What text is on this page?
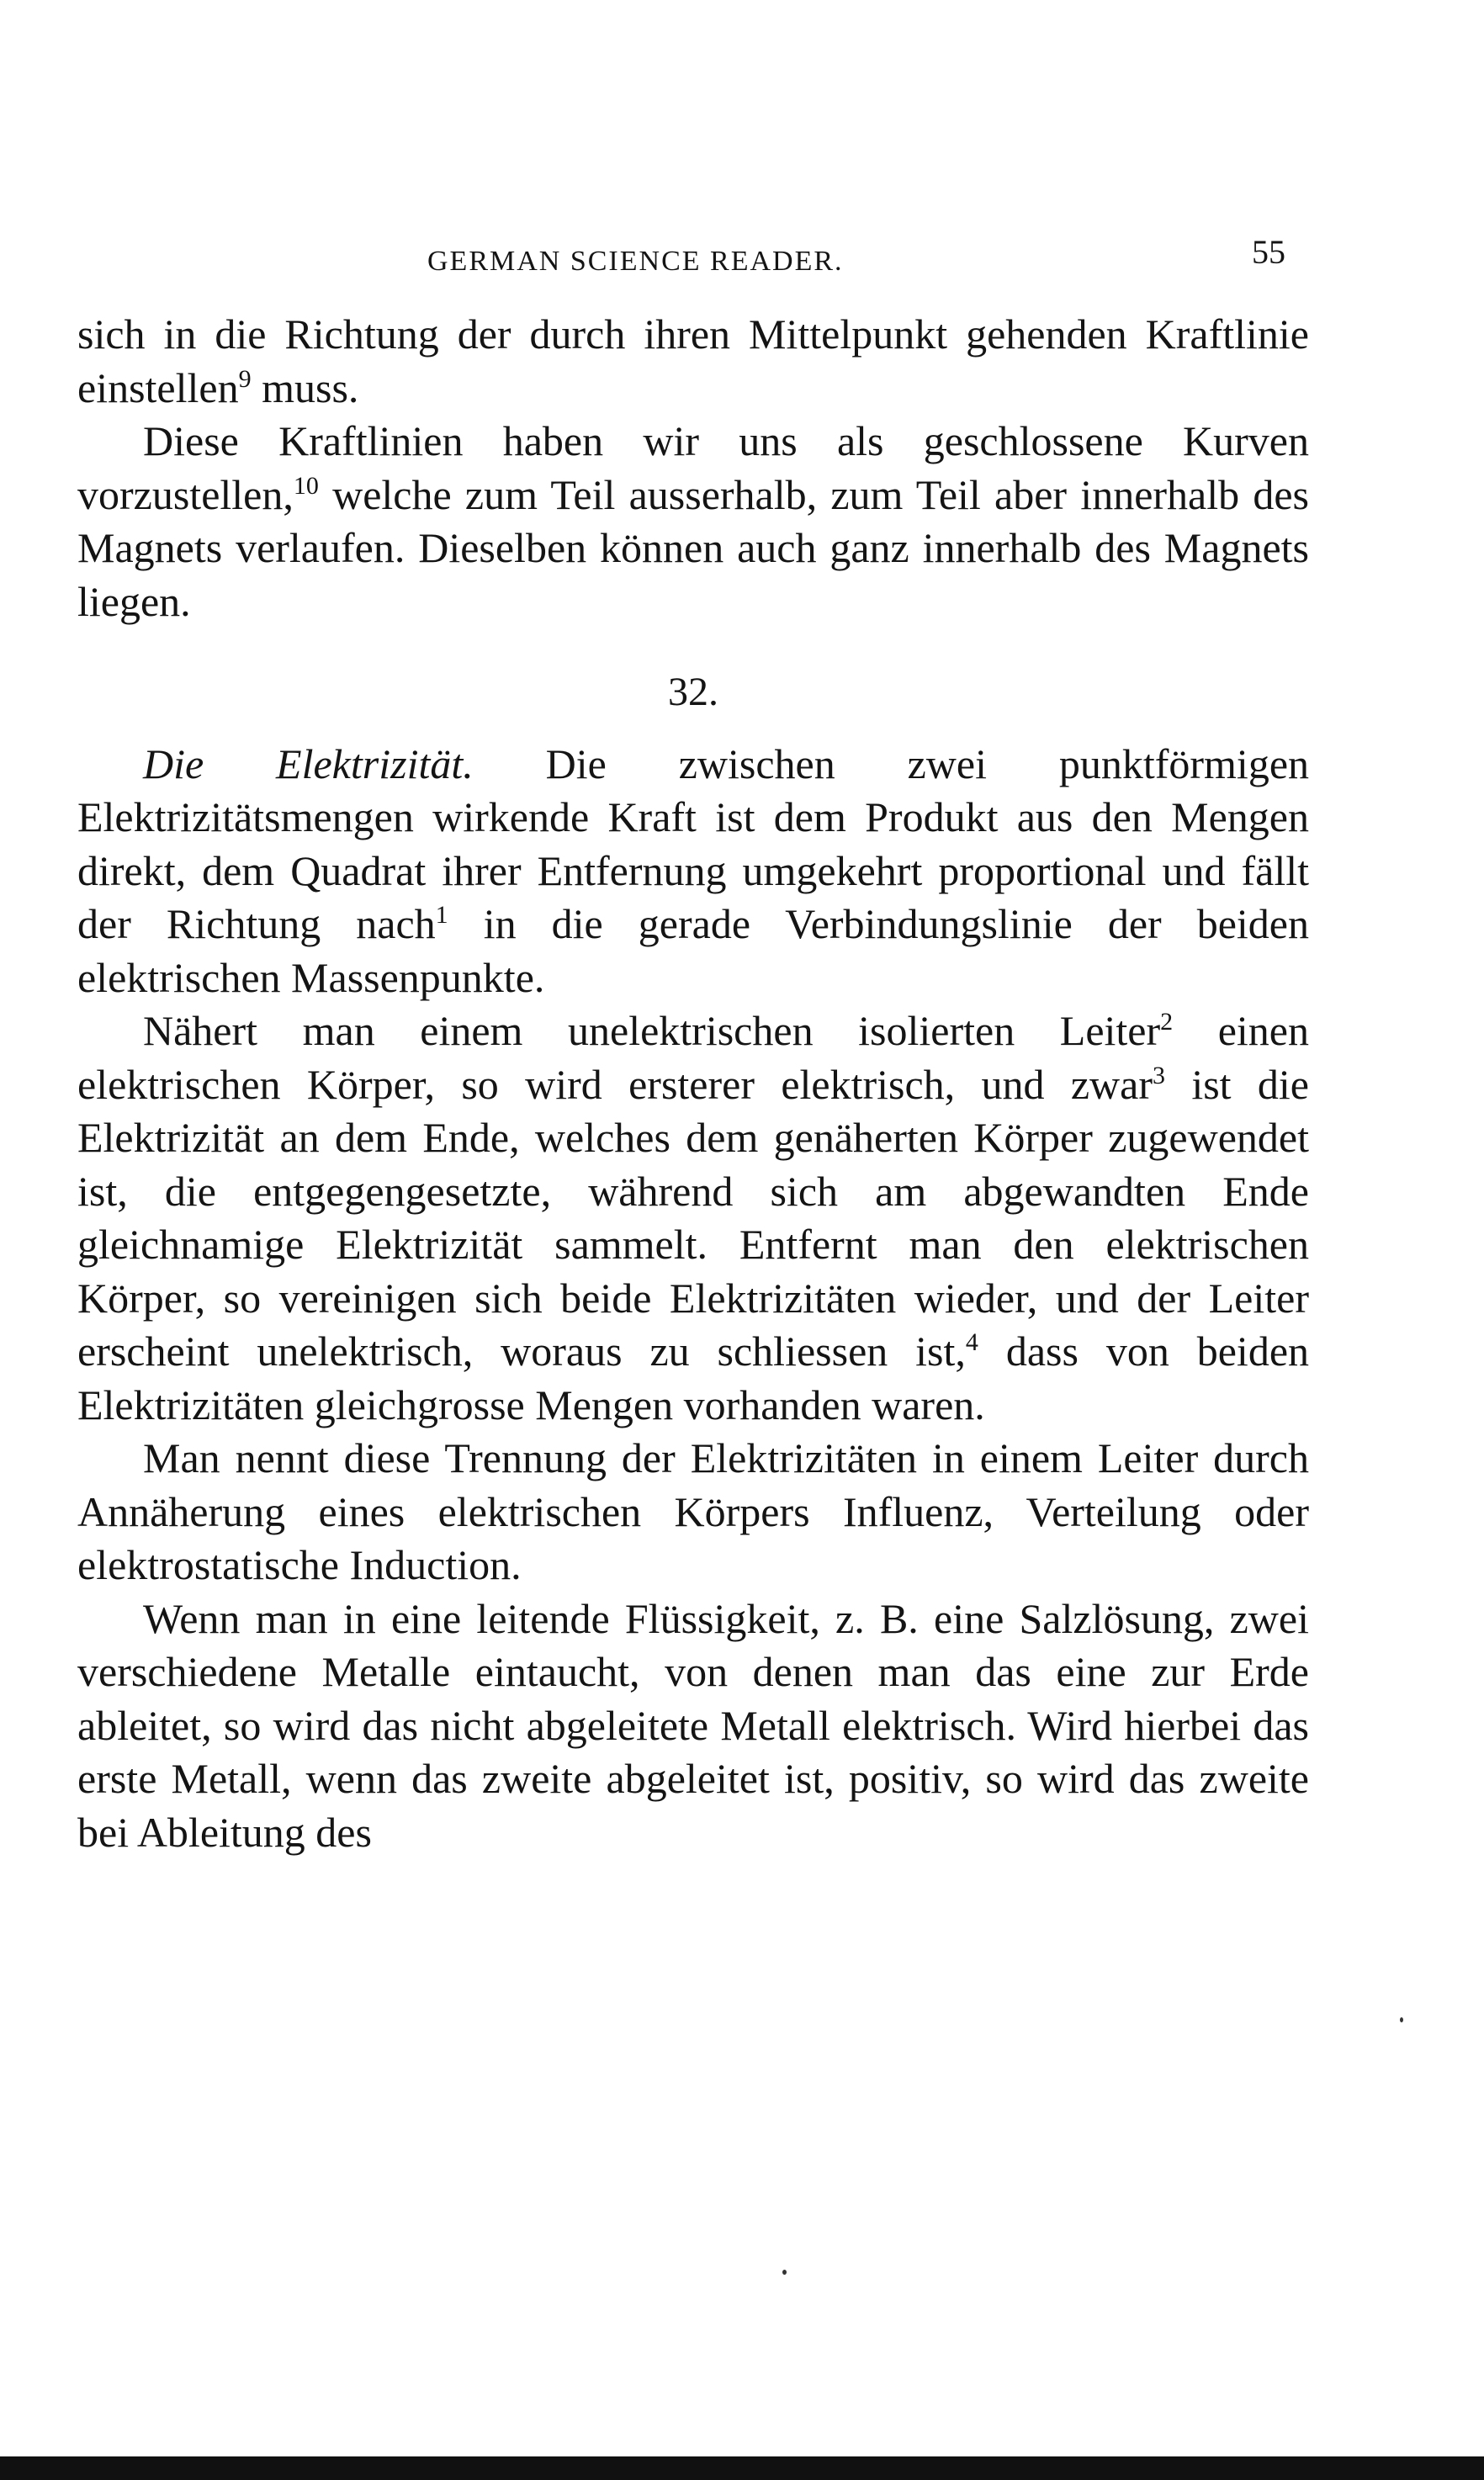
GERMAN SCIENCE READER.	55

sich in die Richtung der durch ihren Mittelpunkt gehenden Kraftlinie einstellen$^9$ muss.

Diese Kraftlinien haben wir uns als geschlossene Kurven vorzustellen,$^{10}$ welche zum Teil ausserhalb, zum Teil aber innerhalb des Magnets verlaufen. Dieselben können auch ganz innerhalb des Magnets liegen.

32.

Die Elektrizität. Die zwischen zwei punktförmigen Elektrizitätsmengen wirkende Kraft ist dem Produkt aus den Mengen direkt, dem Quadrat ihrer Entfernung umgekehrt proportional und fällt der Richtung nach$^1$ in die gerade Verbindungslinie der beiden elektrischen Massenpunkte.

Nähert man einem unelektrischen isolierten Leiter$^2$ einen elektrischen Körper, so wird ersterer elektrisch, und zwar$^3$ ist die Elektrizität an dem Ende, welches dem genäherten Körper zugewendet ist, die entgegengesetzte, während sich am abgewandten Ende gleichnamige Elektrizität sammelt. Entfernt man den elektrischen Körper, so vereinigen sich beide Elektrizitäten wieder, und der Leiter erscheint unelektrisch, woraus zu schliessen ist,$^4$ dass von beiden Elektrizitäten gleichgrosse Mengen vorhanden waren.

Man nennt diese Trennung der Elektrizitäten in einem Leiter durch Annäherung eines elektrischen Körpers Influenz, Verteilung oder elektrostatische Induction.

Wenn man in eine leitende Flüssigkeit, z. B. eine Salzlösung, zwei verschiedene Metalle eintaucht, von denen man das eine zur Erde ableitet, so wird das nicht abgeleitete Metall elektrisch. Wird hierbei das erste Metall, wenn das zweite abgeleitet ist, positiv, so wird das zweite bei Ableitung des
